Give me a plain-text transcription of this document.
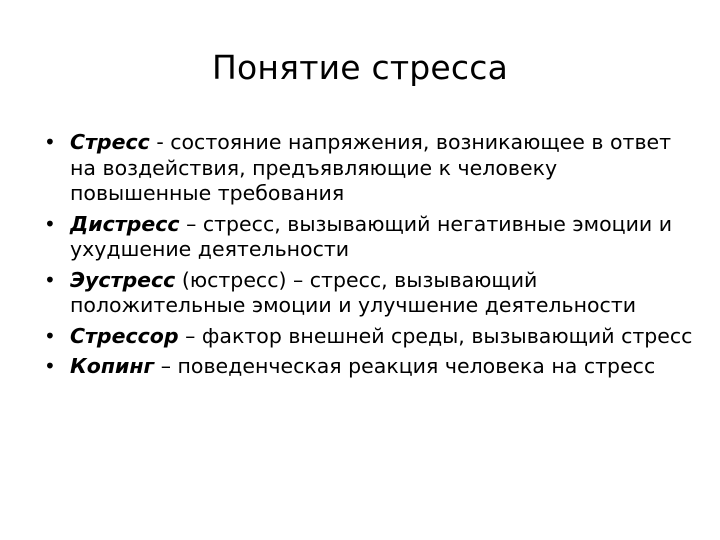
Понятие стресса
• Стресс - состояние напряжения, возникающее в ответ на воздействия, предъявляющие к человеку повышенные требования
• Дистресс – стресс, вызывающий негативные эмоции и ухудшение деятельности
• Эустресс (юстресс) – стресс, вызывающий положительные эмоции и улучшение деятельности
• Стрессор – фактор внешней среды, вызывающий стресс
• Копинг – поведенческая реакция человека на стресс
